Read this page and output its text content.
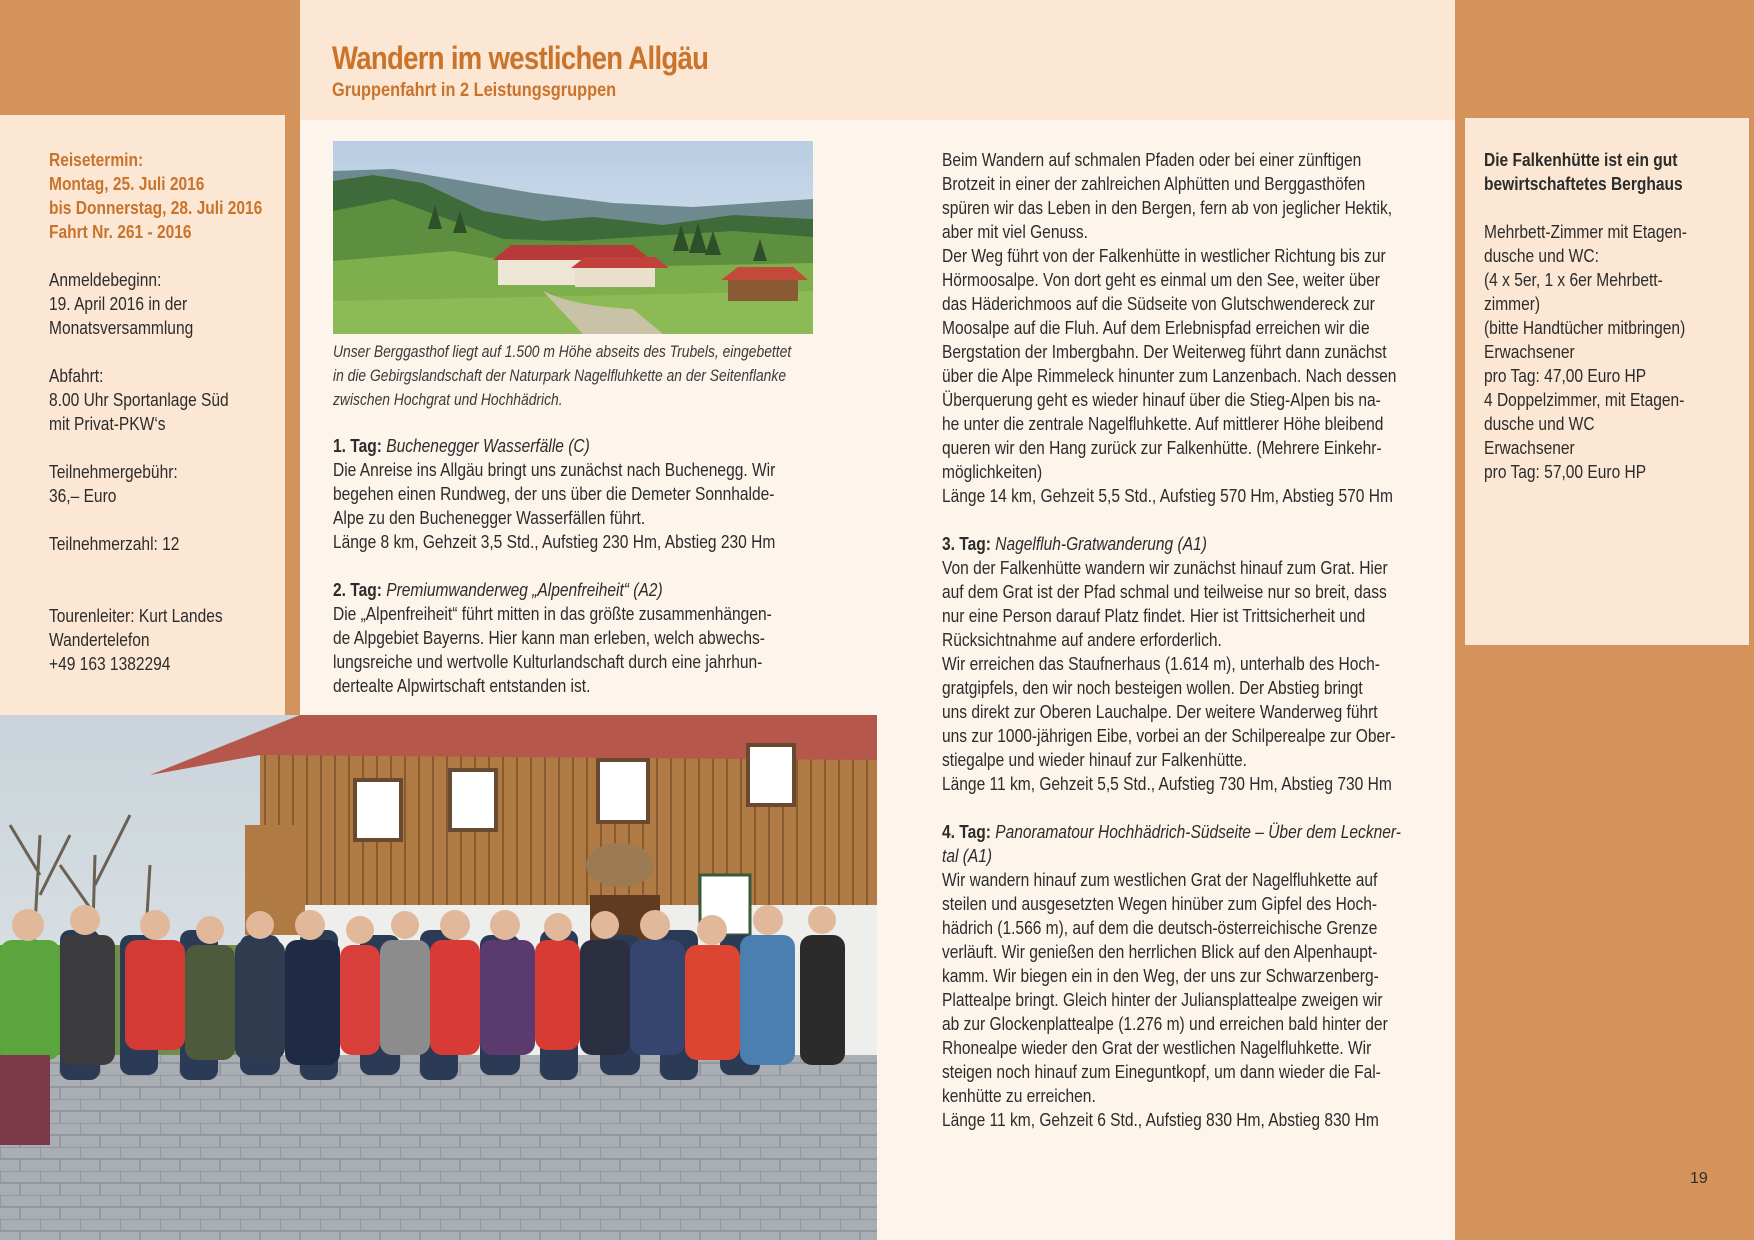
Wandern im westlichen Allgäu
Gruppenfahrt in 2 Leistungsgruppen
Reisetermin:
Montag, 25. Juli 2016
bis Donnerstag, 28. Juli 2016
Fahrt Nr. 261 - 2016
Anmeldebeginn:
19. April 2016 in der
Monatsversammlung
Abfahrt:
8.00 Uhr Sportanlage Süd
mit Privat-PKW‘s
Teilnehmergebühr:
36,– Euro
Teilnehmerzahl: 12
Tourenleiter: Kurt Landes
Wandertelefon
+49 163 1382294
Unser Berggasthof liegt auf 1.500 m Höhe abseits des Trubels, eingebettet
in die Gebirgslandschaft der Naturpark Nagelfluhkette an der Seitenflanke
zwischen Hochgrat und Hochhädrich.
1. Tag: Buchenegger Wasserfälle (C)
Die Anreise ins Allgäu bringt uns zunächst nach Buchenegg. Wir
begehen einen Rundweg, der uns über die Demeter Sonnhalde-
Alpe zu den Buchenegger Wasserfällen führt.
Länge 8 km, Gehzeit 3,5 Std., Aufstieg 230 Hm, Abstieg 230 Hm
2. Tag: Premiumwanderweg „Alpenfreiheit“ (A2)
Die „Alpenfreiheit“ führt mitten in das größte zusammenhängen-
de Alpgebiet Bayerns. Hier kann man erleben, welch abwechs-
lungsreiche und wertvolle Kulturlandschaft durch eine jahrhun-
dertealte Alpwirtschaft entstanden ist.
Beim Wandern auf schmalen Pfaden oder bei einer zünftigen
Brotzeit in einer der zahlreichen Alphütten und Berggasthöfen
spüren wir das Leben in den Bergen, fern ab von jeglicher Hektik,
aber mit viel Genuss.
Der Weg führt von der Falkenhütte in westlicher Richtung bis zur
Hörmoosalpe. Von dort geht es einmal um den See, weiter über
das Häderichmoos auf die Südseite von Glutschwendereck zur
Moosalpe auf die Fluh. Auf dem Erlebnispfad erreichen wir die
Bergstation der Imbergbahn. Der Weiterweg führt dann zunächst
über die Alpe Rimmeleck hinunter zum Lanzenbach. Nach dessen
Überquerung geht es wieder hinauf über die Stieg-Alpen bis na-
he unter die zentrale Nagelfluhkette. Auf mittlerer Höhe bleibend
queren wir den Hang zurück zur Falkenhütte. (Mehrere Einkehr-
möglichkeiten)
Länge 14 km, Gehzeit 5,5 Std., Aufstieg 570 Hm, Abstieg 570 Hm
3. Tag: Nagelfluh-Gratwanderung (A1)
Von der Falkenhütte wandern wir zunächst hinauf zum Grat. Hier
auf dem Grat ist der Pfad schmal und teilweise nur so breit, dass
nur eine Person darauf Platz findet. Hier ist Trittsicherheit und
Rücksichtnahme auf andere erforderlich.
Wir erreichen das Staufnerhaus (1.614 m), unterhalb des Hoch-
gratgipfels, den wir noch besteigen wollen. Der Abstieg bringt
uns direkt zur Oberen Lauchalpe. Der weitere Wanderweg führt
uns zur 1000-jährigen Eibe, vorbei an der Schilperealpe zur Ober-
stiegalpe und wieder hinauf zur Falkenhütte.
Länge 11 km, Gehzeit 5,5 Std., Aufstieg 730 Hm, Abstieg 730 Hm
4. Tag: Panoramatour Hochhädrich-Südseite – Über dem Leckner-
tal (A1)
Wir wandern hinauf zum westlichen Grat der Nagelfluhkette auf
steilen und ausgesetzten Wegen hinüber zum Gipfel des Hoch-
hädrich (1.566 m), auf dem die deutsch-österreichische Grenze
verläuft. Wir genießen den herrlichen Blick auf den Alpenhaupt-
kamm. Wir biegen ein in den Weg, der uns zur Schwarzenberg-
Plattealpe bringt. Gleich hinter der Juliansplattealpe zweigen wir
ab zur Glockenplattealpe (1.276 m) und erreichen bald hinter der
Rhonealpe wieder den Grat der westlichen Nagelfluhkette. Wir
steigen noch hinauf zum Eineguntkopf, um dann wieder die Fal-
kenhütte zu erreichen.
Länge 11 km, Gehzeit 6 Std., Aufstieg 830 Hm, Abstieg 830 Hm
Die Falkenhütte ist ein gut
bewirtschaftetes Berghaus
Mehrbett-Zimmer mit Etagen-
dusche und WC:
(4 x 5er, 1 x 6er Mehrbett-
zimmer)
(bitte Handtücher mitbringen)
Erwachsener
pro Tag: 47,00 Euro HP
4 Doppelzimmer, mit Etagen-
dusche und WC
Erwachsener
pro Tag: 57,00 Euro HP
19
